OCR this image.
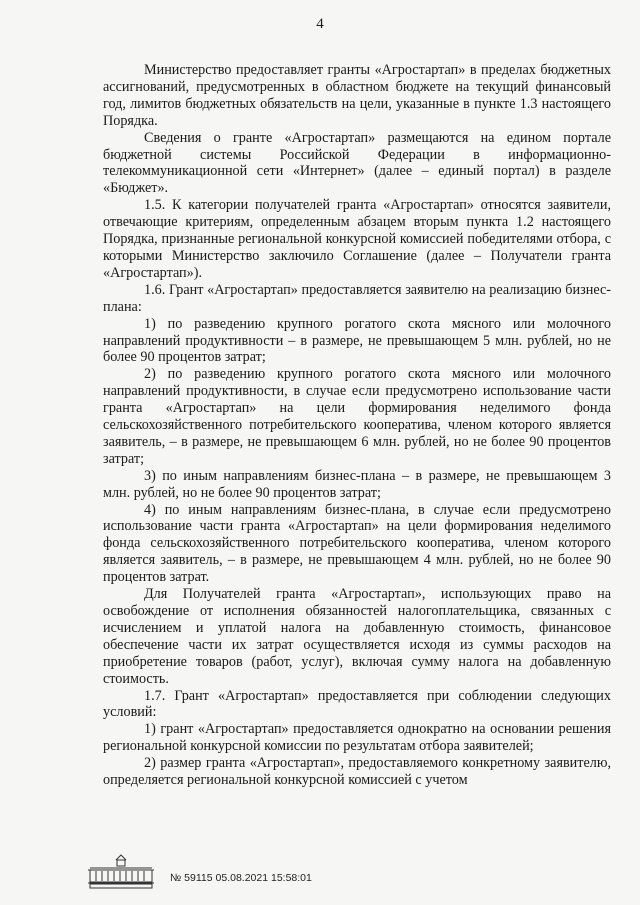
4

Министерство предоставляет гранты «Агростартап» в пределах бюджетных ассигнований, предусмотренных в областном бюджете на текущий финансовый год, лимитов бюджетных обязательств на цели, указанные в пункте 1.3 настоящего Порядка.

Сведения о гранте «Агростартап» размещаются на едином портале бюджетной системы Российской Федерации в информационно-телекоммуникационной сети «Интернет» (далее – единый портал) в разделе «Бюджет».

1.5. К категории получателей гранта «Агростартап» относятся заявители, отвечающие критериям, определенным абзацем вторым пункта 1.2 настоящего Порядка, признанные региональной конкурсной комиссией победителями отбора, с которыми Министерство заключило Соглашение (далее – Получатели гранта «Агростартап»).

1.6. Грант «Агростартап» предоставляется заявителю на реализацию бизнес-плана:

1) по разведению крупного рогатого скота мясного или молочного направлений продуктивности – в размере, не превышающем 5 млн. рублей, но не более 90 процентов затрат;

2) по разведению крупного рогатого скота мясного или молочного направлений продуктивности, в случае если предусмотрено использование части гранта «Агростартап» на цели формирования неделимого фонда сельскохозяйственного потребительского кооператива, членом которого является заявитель, – в размере, не превышающем 6 млн. рублей, но не более 90 процентов затрат;

3) по иным направлениям бизнес-плана – в размере, не превышающем 3 млн. рублей, но не более 90 процентов затрат;

4) по иным направлениям бизнес-плана, в случае если предусмотрено использование части гранта «Агростартап» на цели формирования неделимого фонда сельскохозяйственного потребительского кооператива, членом которого является заявитель, – в размере, не превышающем 4 млн. рублей, но не более 90 процентов затрат.

Для Получателей гранта «Агростартап», использующих право на освобождение от исполнения обязанностей налогоплательщика, связанных с исчислением и уплатой налога на добавленную стоимость, финансовое обеспечение части их затрат осуществляется исходя из суммы расходов на приобретение товаров (работ, услуг), включая сумму налога на добавленную стоимость.

1.7. Грант «Агростартап» предоставляется при соблюдении следующих условий:

1) грант «Агростартап» предоставляется однократно на основании решения региональной конкурсной комиссии по результатам отбора заявителей;

2) размер гранта «Агростартап», предоставляемого конкретному заявителю, определяется региональной конкурсной комиссией с учетом

№ 59115 05.08.2021 15:58:01
